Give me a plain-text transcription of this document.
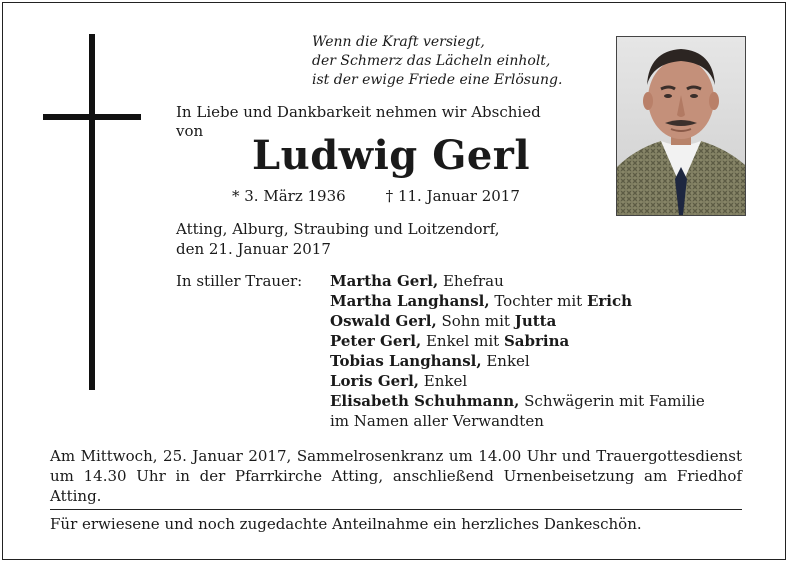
Wenn die Kraft versiegt,
der Schmerz das Lächeln einholt,
ist der ewige Friede eine Erlösung.
In Liebe und Dankbarkeit nehmen wir Abschied
von
Ludwig Gerl
* 3. März 1936	† 11. Januar 2017
Atting, Alburg, Straubing und Loitzendorf,
den 21. Januar 2017
In stiller Trauer: Martha Gerl, Ehefrau
Martha Langhansl, Tochter mit Erich
Oswald Gerl, Sohn mit Jutta
Peter Gerl, Enkel mit Sabrina
Tobias Langhansl, Enkel
Loris Gerl, Enkel
Elisabeth Schuhmann, Schwägerin mit Familie
im Namen aller Verwandten
Am Mittwoch, 25. Januar 2017, Sammelrosenkranz um 14.00 Uhr und Trauergottesdienst um 14.30 Uhr in der Pfarrkirche Atting, anschließend Urnenbeisetzung am Friedhof Atting.
Für erwiesene und noch zugedachte Anteilnahme ein herzliches Dankeschön.
